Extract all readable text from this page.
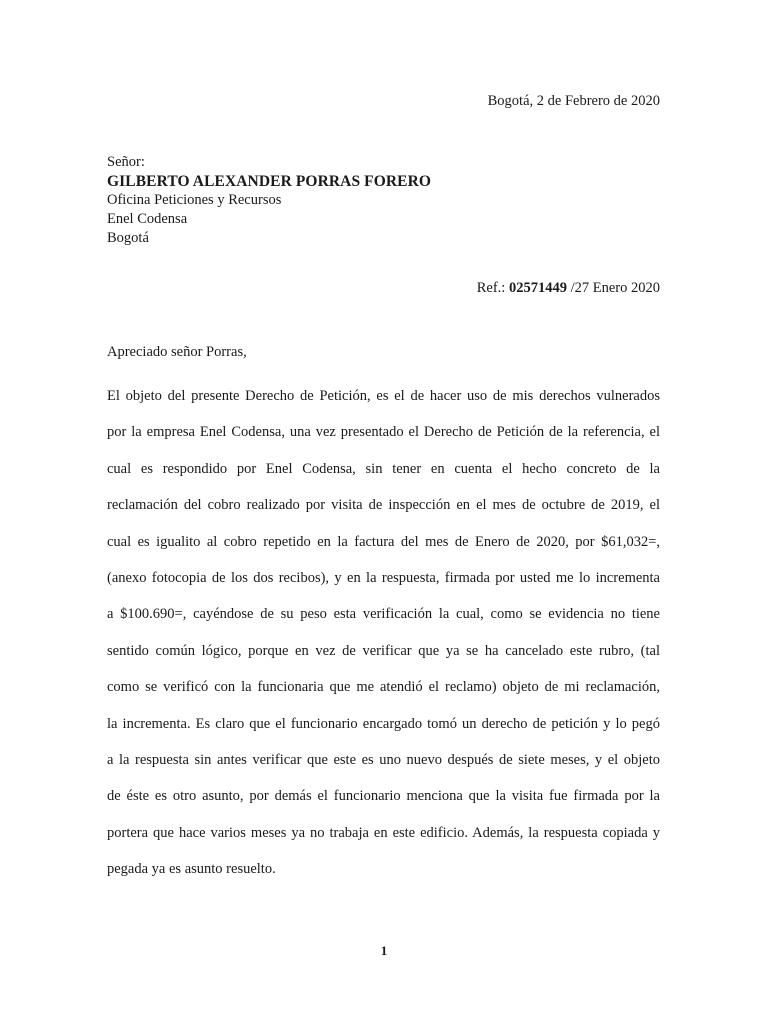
Bogotá, 2 de Febrero de 2020
Señor:
GILBERTO ALEXANDER PORRAS FORERO
Oficina Peticiones y Recursos
Enel Codensa
Bogotá
Ref.: 02571449 /27 Enero 2020
Apreciado señor Porras,
El objeto del presente Derecho de Petición, es el de hacer uso de mis derechos vulnerados
por la empresa Enel Codensa, una vez presentado el Derecho de Petición de la referencia, el
cual es respondido por Enel Codensa, sin tener en cuenta el hecho concreto de la
reclamación del cobro realizado por visita de inspección en el mes de octubre de 2019, el
cual es igualito al cobro repetido en la factura del mes de Enero de 2020, por $61,032=,
(anexo fotocopia de los dos recibos), y en la respuesta, firmada por usted me lo incrementa
a $100.690=, cayéndose de su peso esta verificación la cual, como se evidencia no tiene
sentido común lógico, porque en vez de verificar que ya se ha cancelado este rubro, (tal
como se verificó con la funcionaria que me atendió el reclamo) objeto de mi reclamación,
la incrementa. Es claro que el funcionario encargado tomó un derecho de petición y lo pegó
a la respuesta sin antes verificar que este es uno nuevo después de siete meses, y el objeto
de éste es otro asunto, por demás el funcionario menciona que la visita fue firmada por la
portera que hace varios meses ya no trabaja en este edificio. Además, la respuesta copiada y
pegada ya es asunto resuelto.
1
